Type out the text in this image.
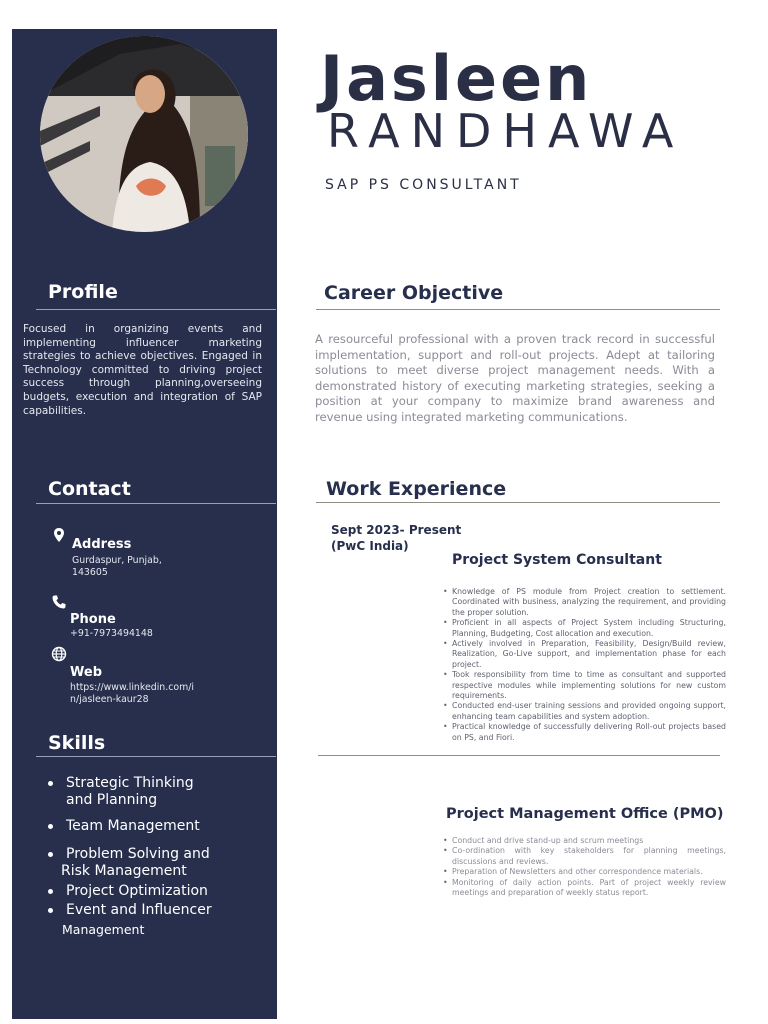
Profile
Focused in organizing events and implementing influencer marketing strategies to achieve objectives. Engaged in Technology committed to driving project success through planning,overseeing budgets, execution and integration of SAP capabilities.
Contact
Address
Gurdaspur, Punjab,
143605
Phone
+91-7973494148
Web
https://www.linkedin.com/i
n/jasleen-kaur28
Skills
Strategic Thinking
and Planning
Team Management
Problem Solving and
Risk Management
Project Optimization
Event and Influencer
Management
Jasleen
RANDHAWA
SAP PS CONSULTANT
Career Objective
A resourceful professional with a proven track record in successful implementation, support and roll-out projects. Adept at tailoring solutions to meet diverse project management needs. With a demonstrated history of executing marketing strategies, seeking a position at your company to maximize brand awareness and revenue using integrated marketing communications.
Work Experience
Sept 2023- Present
(PwC India)
Project System Consultant
• Knowledge of PS module from Project creation to settlement. Coordinated with business, analyzing the requirement, and providing the proper solution.
• Proficient in all aspects of Project System including Structuring, Planning, Budgeting, Cost allocation and execution.
• Actively involved in Preparation, Feasibility, Design/Build review, Realization, Go-Live support, and implementation phase for each project.
• Took responsibility from time to time as consultant and supported respective modules while implementing solutions for new custom requirements.
• Conducted end-user training sessions and provided ongoing support, enhancing team capabilities and system adoption.
• Practical knowledge of successfully delivering Roll-out projects based on PS, and Fiori.
Project Management Office (PMO)
• Conduct and drive stand-up and scrum meetings
• Co-ordination with key stakeholders for planning meetings, discussions and reviews.
• Preparation of Newsletters and other correspondence materials.
• Monitoring of daily action points. Part of project weekly review meetings and preparation of weekly status report.
